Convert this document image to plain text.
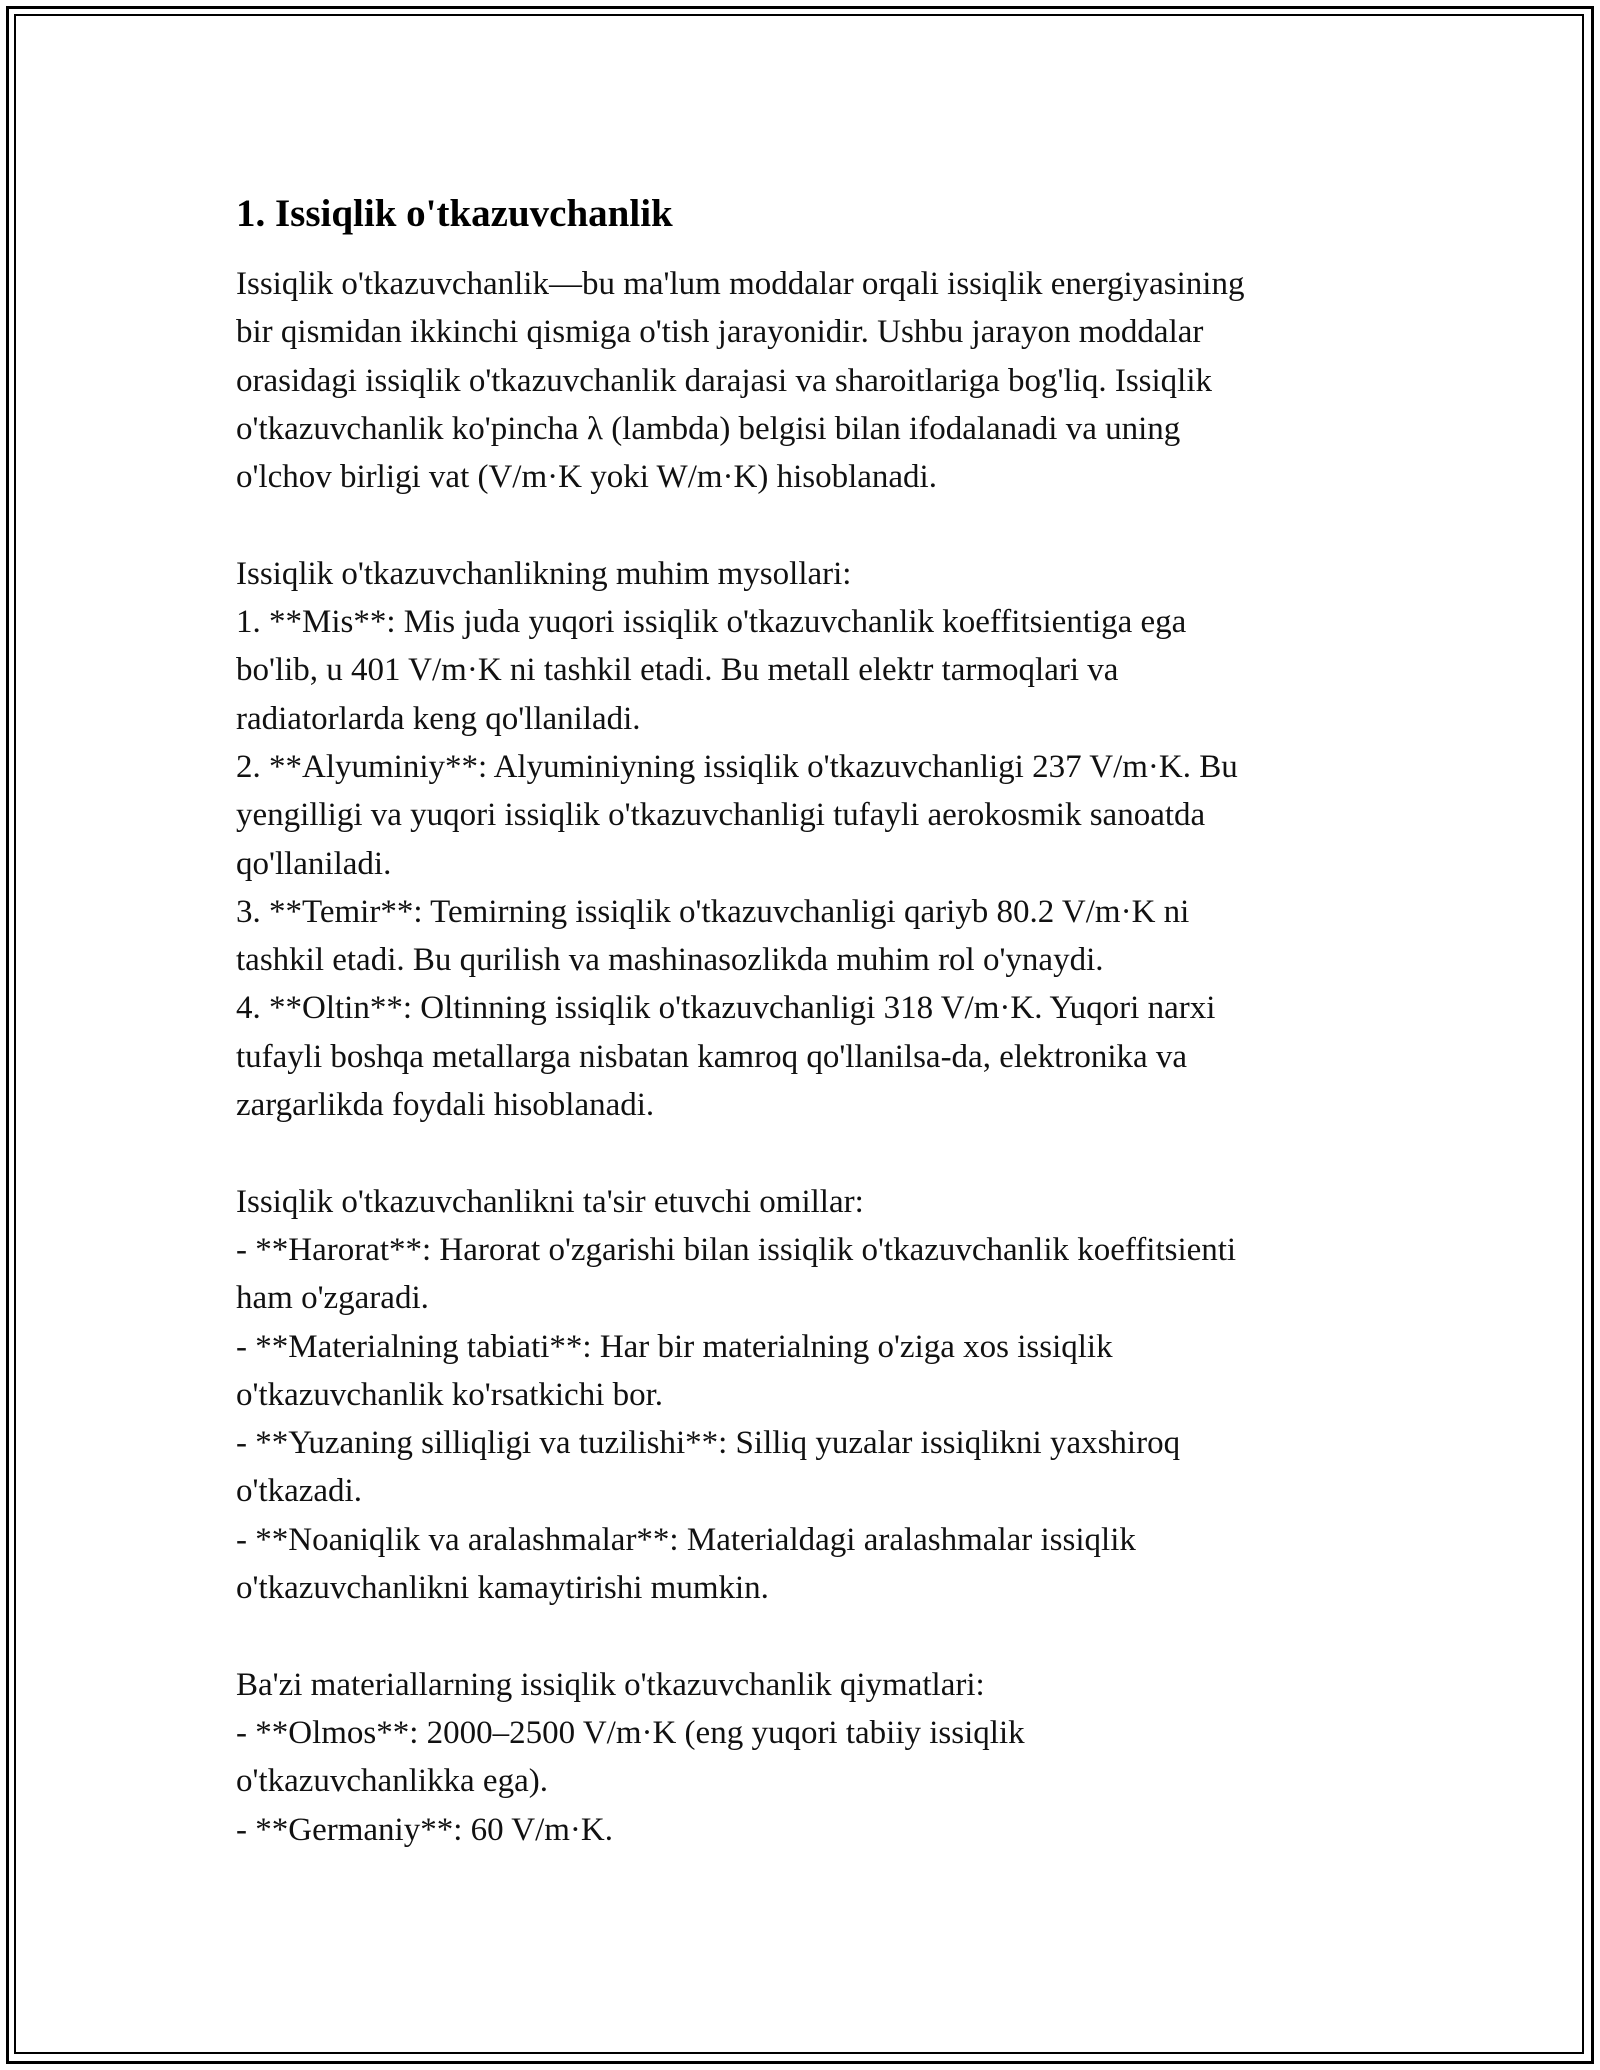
1. Issiqlik o'tkazuvchanlik
Issiqlik o'tkazuvchanlik—bu ma'lum moddalar orqali issiqlik energiyasining
bir qismidan ikkinchi qismiga o'tish jarayonidir. Ushbu jarayon moddalar
orasidagi issiqlik o'tkazuvchanlik darajasi va sharoitlariga bog'liq. Issiqlik
o'tkazuvchanlik ko'pincha λ (lambda) belgisi bilan ifodalanadi va uning
o'lchov birligi vat (V/m·K yoki W/m·K) hisoblanadi.
Issiqlik o'tkazuvchanlikning muhim mysollari:
1. **Mis**: Mis juda yuqori issiqlik o'tkazuvchanlik koeffitsientiga ega
bo'lib, u 401 V/m·K ni tashkil etadi. Bu metall elektr tarmoqlari va
radiatorlarda keng qo'llaniladi.
2. **Alyuminiy**: Alyuminiyning issiqlik o'tkazuvchanligi 237 V/m·K. Bu
yengilligi va yuqori issiqlik o'tkazuvchanligi tufayli aerokosmik sanoatda
qo'llaniladi.
3. **Temir**: Temirning issiqlik o'tkazuvchanligi qariyb 80.2 V/m·K ni
tashkil etadi. Bu qurilish va mashinasozlikda muhim rol o'ynaydi.
4. **Oltin**: Oltinning issiqlik o'tkazuvchanligi 318 V/m·K. Yuqori narxi
tufayli boshqa metallarga nisbatan kamroq qo'llanilsa-da, elektronika va
zargarlikda foydali hisoblanadi.
Issiqlik o'tkazuvchanlikni ta'sir etuvchi omillar:
- **Harorat**: Harorat o'zgarishi bilan issiqlik o'tkazuvchanlik koeffitsienti
ham o'zgaradi.
- **Materialning tabiati**: Har bir materialning o'ziga xos issiqlik
o'tkazuvchanlik ko'rsatkichi bor.
- **Yuzaning silliqligi va tuzilishi**: Silliq yuzalar issiqlikni yaxshiroq
o'tkazadi.
- **Noaniqlik va aralashmalar**: Materialdagi aralashmalar issiqlik
o'tkazuvchanlikni kamaytirishi mumkin.
Ba'zi materiallarning issiqlik o'tkazuvchanlik qiymatlari:
- **Olmos**: 2000–2500 V/m·K (eng yuqori tabiiy issiqlik
o'tkazuvchanlikka ega).
- **Germaniy**: 60 V/m·K.
